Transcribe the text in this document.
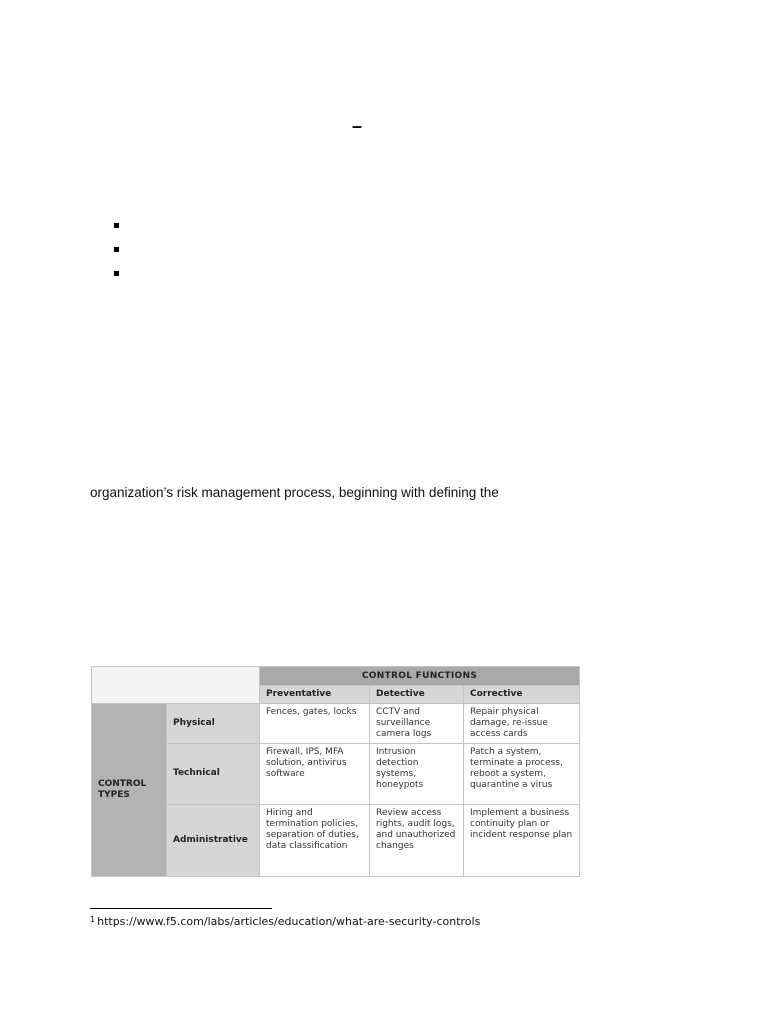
–
organization’s risk management process, beginning with defining the
		CONTROL FUNCTIONS		
		Preventative	Detective	Corrective
CONTROL TYPES	Physical	Fences, gates, locks	CCTV and surveillance camera logs	Repair physical damage, re-issue access cards
	Technical	Firewall, IPS, MFA solution, antivirus software	Intrusion detection systems, honeypots	Patch a system, terminate a process, reboot a system, quarantine a virus
	Administrative	Hiring and termination policies, separation of duties, data classification	Review access rights, audit logs, and unauthorized changes	Implement a business continuity plan or incident response plan
$^1$ https://www.f5.com/labs/articles/education/what-are-security-controls
